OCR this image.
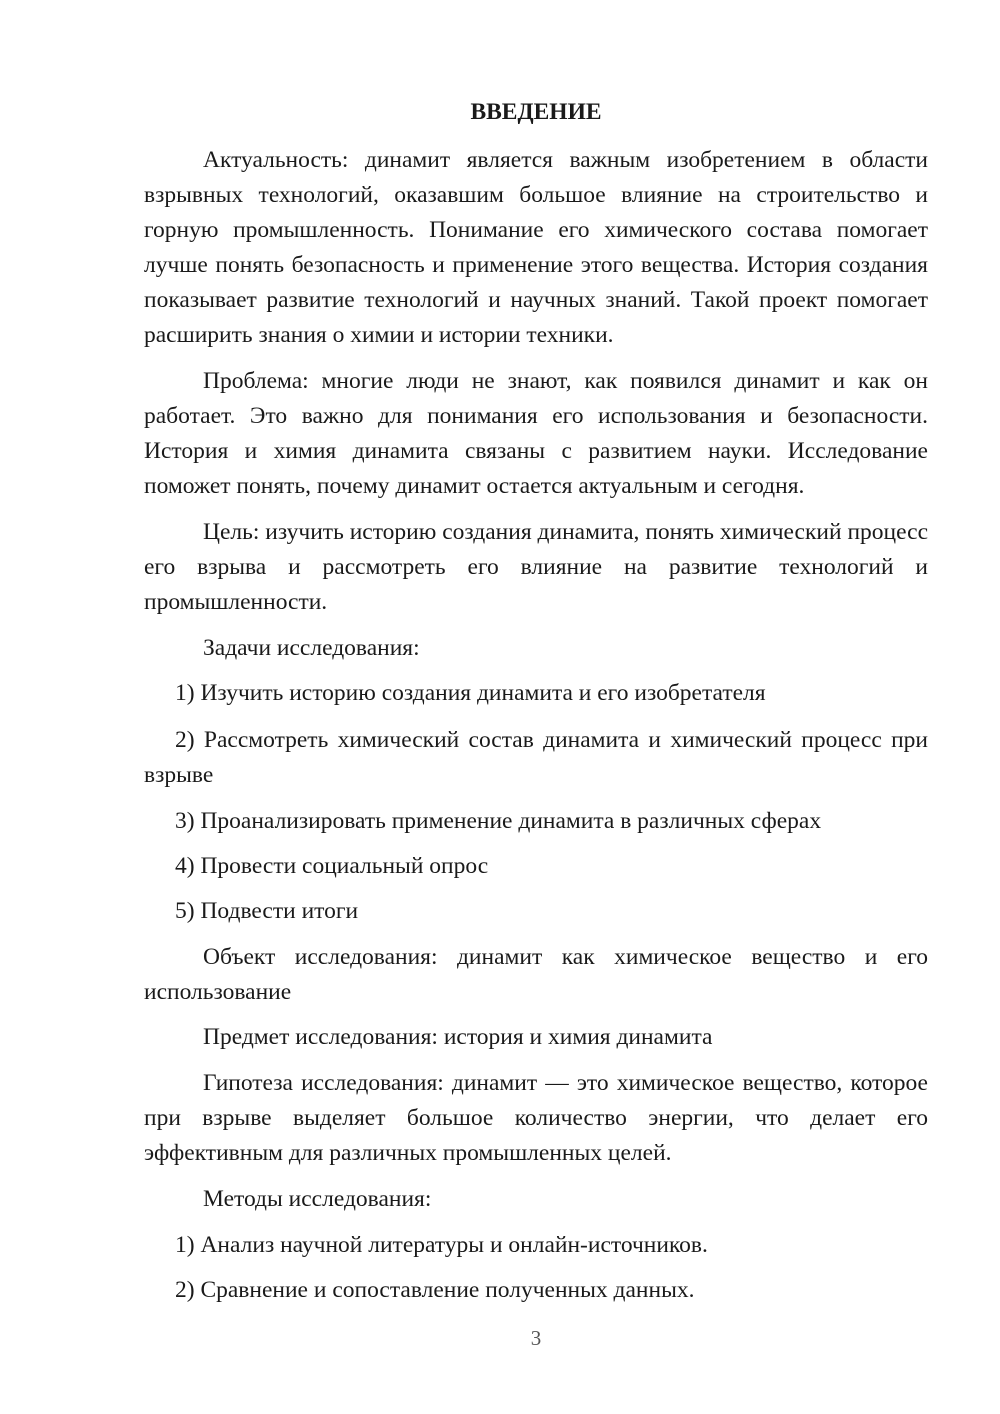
ВВЕДЕНИЕ

Актуальность: динамит является важным изобретением в области взрывных технологий, оказавшим большое влияние на строительство и горную промышленность. Понимание его химического состава помогает лучше понять безопасность и применение этого вещества. История создания показывает развитие технологий и научных знаний. Такой проект помогает расширить знания о химии и истории техники.

Проблема: многие люди не знают, как появился динамит и как он работает. Это важно для понимания его использования и безопасности. История и химия динамита связаны с развитием науки. Исследование поможет понять, почему динамит остается актуальным и сегодня.

Цель: изучить историю создания динамита, понять химический процесс его взрыва и рассмотреть его влияние на развитие технологий и промышленности.

Задачи исследования:

1) Изучить историю создания динамита и его изобретателя

2) Рассмотреть химический состав динамита и химический процесс при взрыве

3) Проанализировать применение динамита в различных сферах

4) Провести социальный опрос

5) Подвести итоги

Объект исследования: динамит как химическое вещество и его использование

Предмет исследования: история и химия динамита

Гипотеза исследования: динамит — это химическое вещество, которое при взрыве выделяет большое количество энергии, что делает его эффективным для различных промышленных целей.

Методы исследования:

1) Анализ научной литературы и онлайн-источников.

2) Сравнение и сопоставление полученных данных.

3
